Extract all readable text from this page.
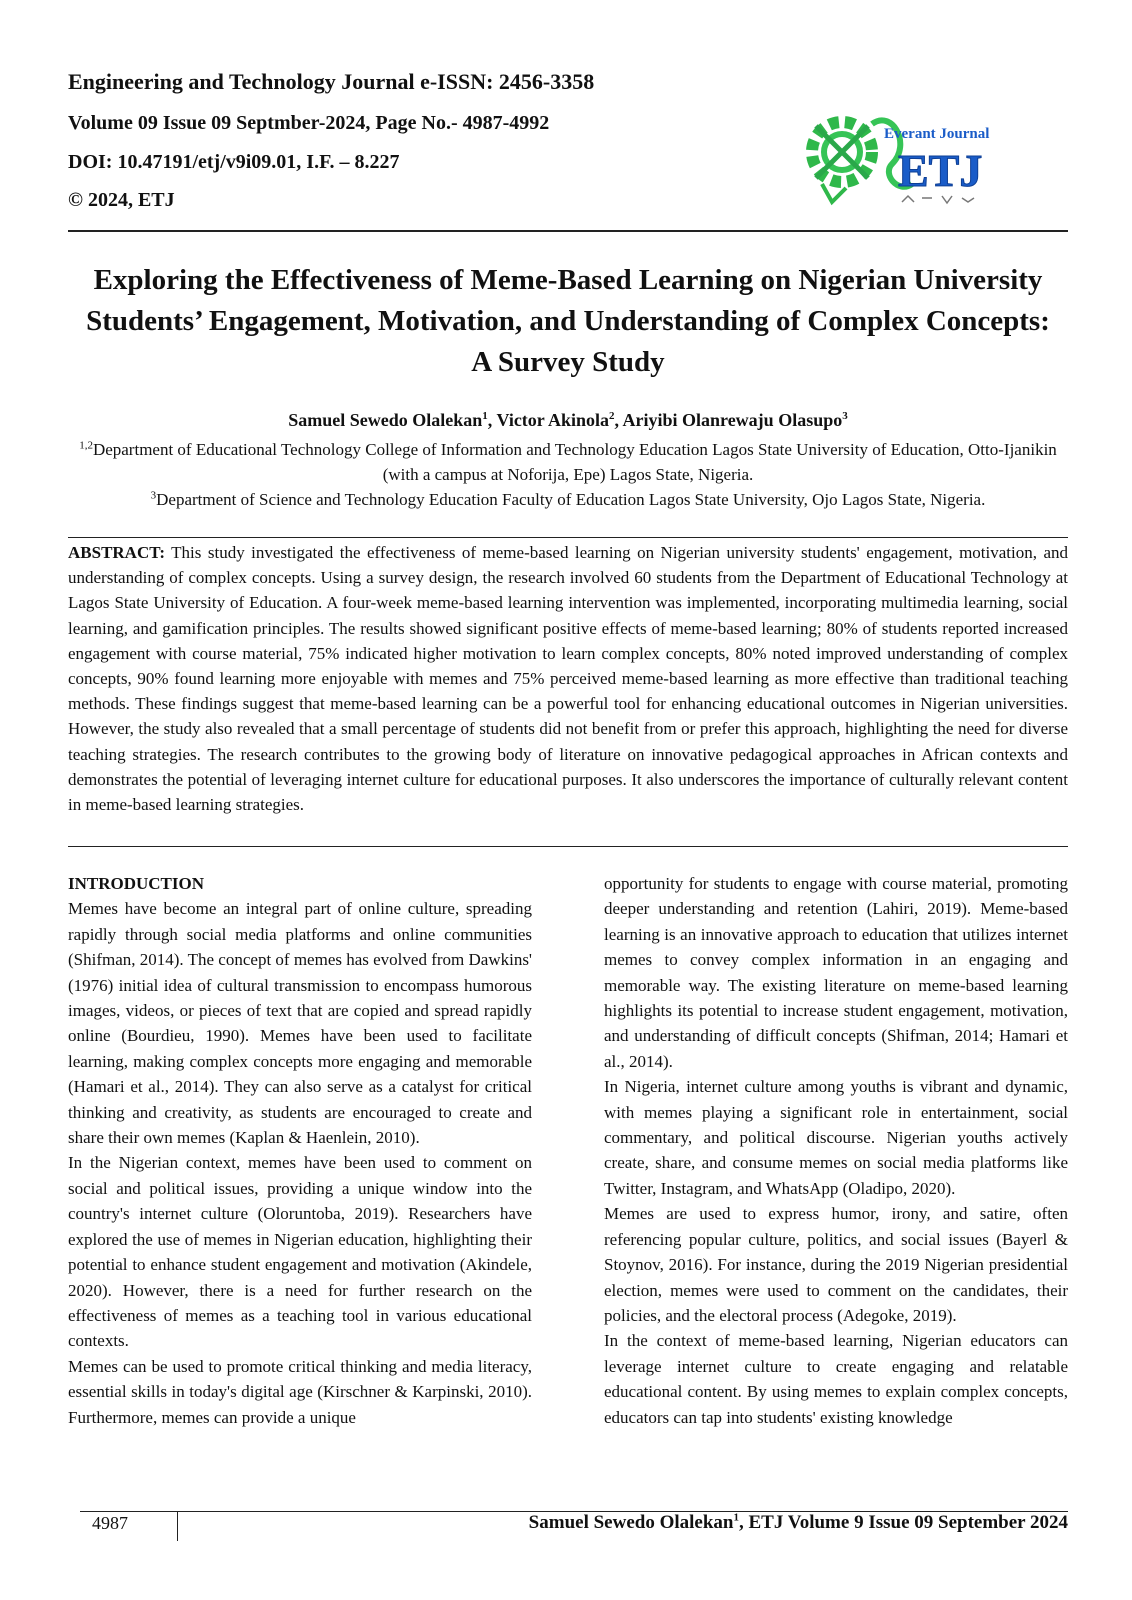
Engineering and Technology Journal e-ISSN: 2456-3358
Volume 09 Issue 09 Septmber-2024, Page No.- 4987-4992
DOI: 10.47191/etj/v9i09.01, I.F. – 8.227
© 2024, ETJ
Everant Journal
ETJ
Exploring the Effectiveness of Meme-Based Learning on Nigerian University Students’ Engagement, Motivation, and Understanding of Complex Concepts: A Survey Study
Samuel Sewedo Olalekan$^1$, Victor Akinola$^2$, Ariyibi Olanrewaju Olasupo$^3$
$^{1,2}$Department of Educational Technology College of Information and Technology Education Lagos State University of Education, Otto-Ijanikin (with a campus at Noforija, Epe) Lagos State, Nigeria.
$^3$Department of Science and Technology Education Faculty of Education Lagos State University, Ojo Lagos State, Nigeria.
ABSTRACT: This study investigated the effectiveness of meme-based learning on Nigerian university students' engagement, motivation, and understanding of complex concepts. Using a survey design, the research involved 60 students from the Department of Educational Technology at Lagos State University of Education. A four-week meme-based learning intervention was implemented, incorporating multimedia learning, social learning, and gamification principles. The results showed significant positive effects of meme-based learning; 80% of students reported increased engagement with course material, 75% indicated higher motivation to learn complex concepts, 80% noted improved understanding of complex concepts, 90% found learning more enjoyable with memes and 75% perceived meme-based learning as more effective than traditional teaching methods. These findings suggest that meme-based learning can be a powerful tool for enhancing educational outcomes in Nigerian universities. However, the study also revealed that a small percentage of students did not benefit from or prefer this approach, highlighting the need for diverse teaching strategies. The research contributes to the growing body of literature on innovative pedagogical approaches in African contexts and demonstrates the potential of leveraging internet culture for educational purposes. It also underscores the importance of culturally relevant content in meme-based learning strategies.
INTRODUCTION

Memes have become an integral part of online culture, spreading rapidly through social media platforms and online communities (Shifman, 2014). The concept of memes has evolved from Dawkins' (1976) initial idea of cultural transmission to encompass humorous images, videos, or pieces of text that are copied and spread rapidly online (Bourdieu, 1990). Memes have been used to facilitate learning, making complex concepts more engaging and memorable (Hamari et al., 2014). They can also serve as a catalyst for critical thinking and creativity, as students are encouraged to create and share their own memes (Kaplan & Haenlein, 2010).

In the Nigerian context, memes have been used to comment on social and political issues, providing a unique window into the country's internet culture (Oloruntoba, 2019). Researchers have explored the use of memes in Nigerian education, highlighting their potential to enhance student engagement and motivation (Akindele, 2020). However, there is a need for further research on the effectiveness of memes as a teaching tool in various educational contexts.

Memes can be used to promote critical thinking and media literacy, essential skills in today's digital age (Kirschner & Karpinski, 2010). Furthermore, memes can provide a unique

opportunity for students to engage with course material, promoting deeper understanding and retention (Lahiri, 2019). Meme-based learning is an innovative approach to education that utilizes internet memes to convey complex information in an engaging and memorable way. The existing literature on meme-based learning highlights its potential to increase student engagement, motivation, and understanding of difficult concepts (Shifman, 2014; Hamari et al., 2014).

In Nigeria, internet culture among youths is vibrant and dynamic, with memes playing a significant role in entertainment, social commentary, and political discourse. Nigerian youths actively create, share, and consume memes on social media platforms like Twitter, Instagram, and WhatsApp (Oladipo, 2020).

Memes are used to express humor, irony, and satire, often referencing popular culture, politics, and social issues (Bayerl & Stoynov, 2016). For instance, during the 2019 Nigerian presidential election, memes were used to comment on the candidates, their policies, and the electoral process (Adegoke, 2019).

In the context of meme-based learning, Nigerian educators can leverage internet culture to create engaging and relatable educational content. By using memes to explain complex concepts, educators can tap into students' existing knowledge

4987	Samuel Sewedo Olalekan$^1$, ETJ Volume 9 Issue 09 September 2024
